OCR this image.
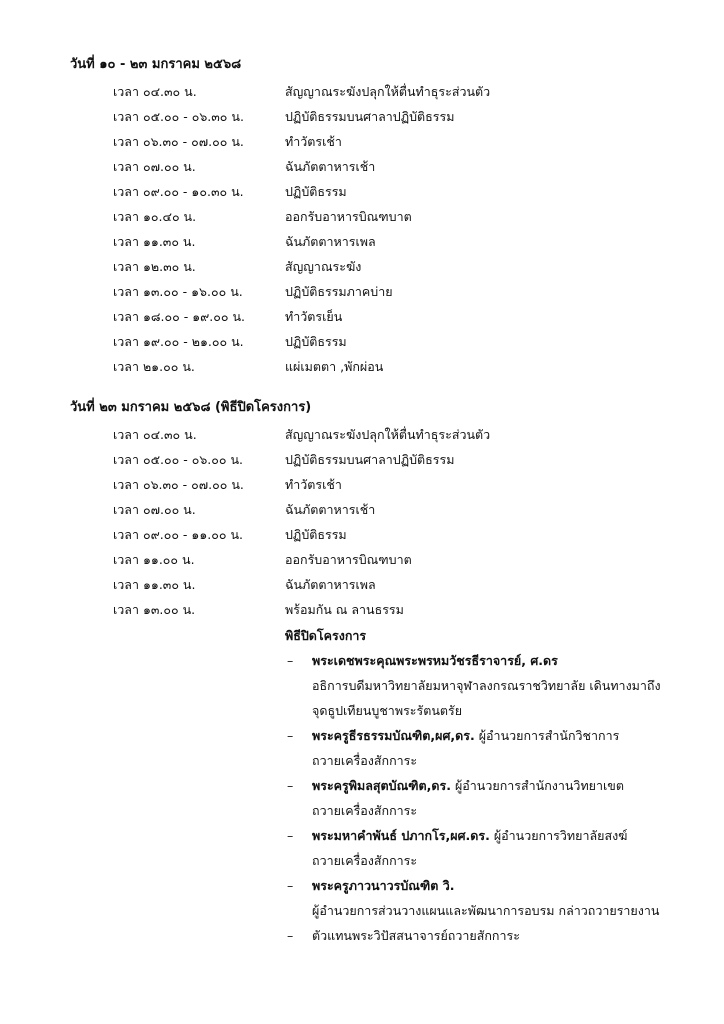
วันที่ ๑๐ - ๒๓ มกราคม ๒๕๖๘
เวลา ๐๔.๓๐ น.	สัญญาณระฆังปลุกให้ตื่นทำธุระส่วนตัว
เวลา ๐๕.๐๐ - ๐๖.๓๐ น.	ปฏิบัติธรรมบนศาลาปฏิบัติธรรม
เวลา ๐๖.๓๐ - ๐๗.๐๐ น.	ทำวัตรเช้า
เวลา ๐๗.๐๐ น.	ฉันภัตตาหารเช้า
เวลา ๐๙.๐๐ - ๑๐.๓๐ น.	ปฏิบัติธรรม
เวลา ๑๐.๔๐ น.	ออกรับอาหารบิณฑบาต
เวลา ๑๑.๓๐ น.	ฉันภัตตาหารเพล
เวลา ๑๒.๓๐ น.	สัญญาณระฆัง
เวลา ๑๓.๐๐ - ๑๖.๐๐ น.	ปฏิบัติธรรมภาคบ่าย
เวลา ๑๘.๐๐ - ๑๙.๐๐ น.	ทำวัตรเย็น
เวลา ๑๙.๐๐ - ๒๑.๐๐ น.	ปฏิบัติธรรม
เวลา ๒๑.๐๐ น.	แผ่เมตตา ,พักผ่อน
วันที่ ๒๓ มกราคม ๒๕๖๘ (พิธีปิดโครงการ)
เวลา ๐๔.๓๐ น.	สัญญาณระฆังปลุกให้ตื่นทำธุระส่วนตัว
เวลา ๐๕.๐๐ - ๐๖.๐๐ น.	ปฏิบัติธรรมบนศาลาปฏิบัติธรรม
เวลา ๐๖.๓๐ - ๐๗.๐๐ น.	ทำวัตรเช้า
เวลา ๐๗.๐๐ น.	ฉันภัตตาหารเช้า
เวลา ๐๙.๐๐ - ๑๑.๐๐ น.	ปฏิบัติธรรม
เวลา ๑๑.๐๐ น.	ออกรับอาหารบิณฑบาต
เวลา ๑๑.๓๐ น.	ฉันภัตตาหารเพล
เวลา ๑๓.๐๐ น.	พร้อมกัน ณ ลานธรรม
พิธีปิดโครงการ
– พระเดชพระคุณพระพรหมวัชรธีราจารย์, ศ.ดร
อธิการบดีมหาวิทยาลัยมหาจุฬาลงกรณราชวิทยาลัย เดินทางมาถึง
จุดธูปเทียนบูชาพระรัตนตรัย
– พระครูธีรธรรมบัณฑิต,ผศ,ดร. ผู้อำนวยการสำนักวิชาการ
ถวายเครื่องสักการะ
– พระครูพิมลสุตบัณฑิต,ดร. ผู้อำนวยการสำนักงานวิทยาเขต
ถวายเครื่องสักการะ
– พระมหาคำพันธ์ ปภากโร,ผศ.ดร. ผู้อำนวยการวิทยาลัยสงฆ์
ถวายเครื่องสักการะ
– พระครูภาวนาวรบัณฑิต วิ.
ผู้อำนวยการส่วนวางแผนและพัฒนาการอบรม กล่าวถวายรายงาน
– ตัวแทนพระวิปัสสนาจารย์ถวายสักการะ
